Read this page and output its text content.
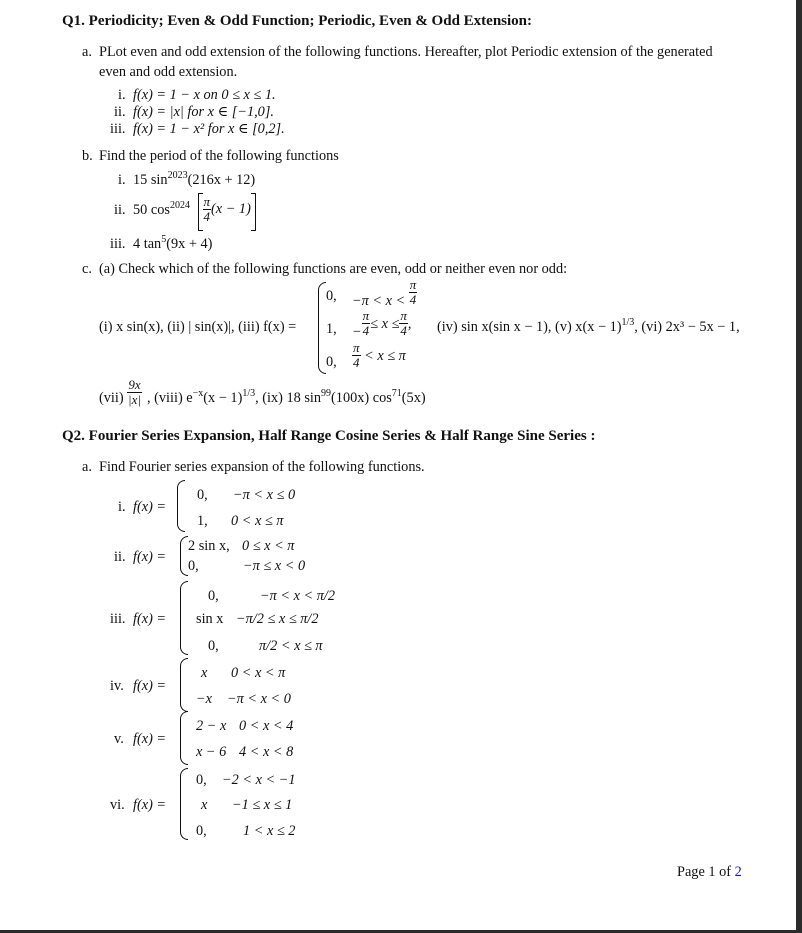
Q1. Periodicity; Even & Odd Function; Periodic, Even & Odd Extension:
a. PLot even and odd extension of the following functions. Hereafter, plot Periodic extension of the generated
even and odd extension.
i. f(x) = 1 − x on 0 ≤ x ≤ 1.
ii. f(x) = |x| for x ∈ [−1,0].
iii. f(x) = 1 − x² for x ∈ [0,2].
b. Find the period of the following functions
i. 15 $\sin^{2023}(216x + 12)$
ii. 50 $\cos_{2024} \frac{\pi}{4} (x - 1)$
iii. 4 $\tan^5(9x + 4)$
c. (a) Check which of the following functions are even, odd or neither even nor odd:
(i) x sin(x), (ii) | sin(x)|, (iii) f(x) =
0, $-\pi < x < \frac{\pi}{4}$
1, − $\frac{\pi}{4} \le x \le \frac{\pi}{4}$ ,
0, $\frac{\pi}{4} < x \le \pi$
(iv) sin x(sin x − 1), (v) $x(x - 1)^{1/3}$, (vi) 2x³ − 5x − 1,
$(vii) \frac{9x}{|x|}$ , (viii) $e^{-x}(x - 1)^{1/3}$, (ix) 18 $\sin^{99}(100x)$ $\cos^{71}(5x)$
Q2. Fourier Series Expansion, Half Range Cosine Series & Half Range Sine Series :
a. Find Fourier series expansion of the following functions.
i. f(x) =
0, −π < x ≤ 0
1, 0 < x ≤ π
ii. f(x) =
2 sin x, 0 ≤ x < π
0,	−π ≤ x < 0
iii. f(x) =
0,	−π < x < π/2
sin x −π/2 ≤ x ≤ π/2
0,	π/2 < x ≤ π
iv. f(x) =
x 0 < x < π
−x −π < x < 0
v. f(x) =
2 − x 0 < x < 4
x − 6 4 < x < 8
vi. f(x) =
0, −2 < x < −1
x −1 ≤ x ≤ 1
0,	1 < x ≤ 2
Page 1 of 2
